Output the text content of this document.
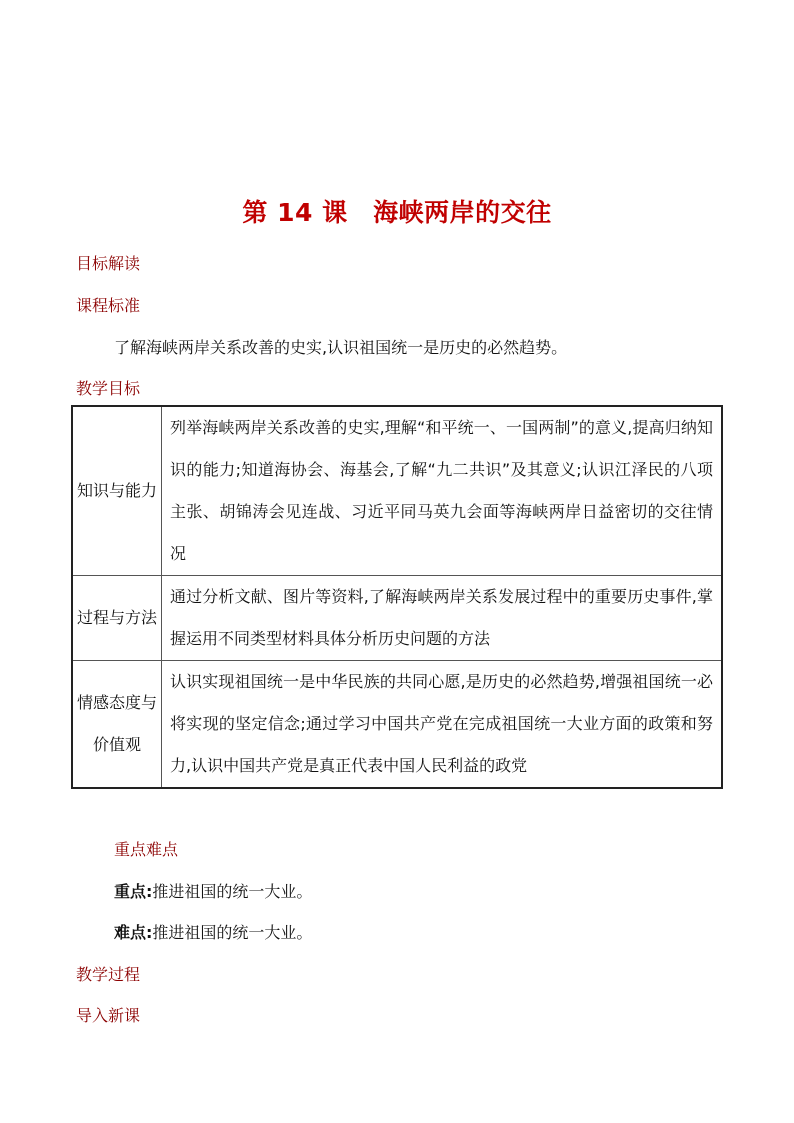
第 14 课　海峡两岸的交往
目标解读
课程标准
了解海峡两岸关系改善的史实,认识祖国统一是历史的必然趋势。
教学目标
知识与能力	列举海峡两岸关系改善的史实,理解“和平统一、一国两制”的意义,提高归纳知识的能力;知道海协会、海基会,了解“九二共识”及其意义;认识江泽民的八项主张、胡锦涛会见连战、习近平同马英九会面等海峡两岸日益密切的交往情况
过程与方法	通过分析文献、图片等资料,了解海峡两岸关系发展过程中的重要历史事件,掌握运用不同类型材料具体分析历史问题的方法
情感态度与价值观	认识实现祖国统一是中华民族的共同心愿,是历史的必然趋势,增强祖国统一必将实现的坚定信念;通过学习中国共产党在完成祖国统一大业方面的政策和努力,认识中国共产党是真正代表中国人民利益的政党
重点难点
重点:推进祖国的统一大业。
难点:推进祖国的统一大业。
教学过程
导入新课
